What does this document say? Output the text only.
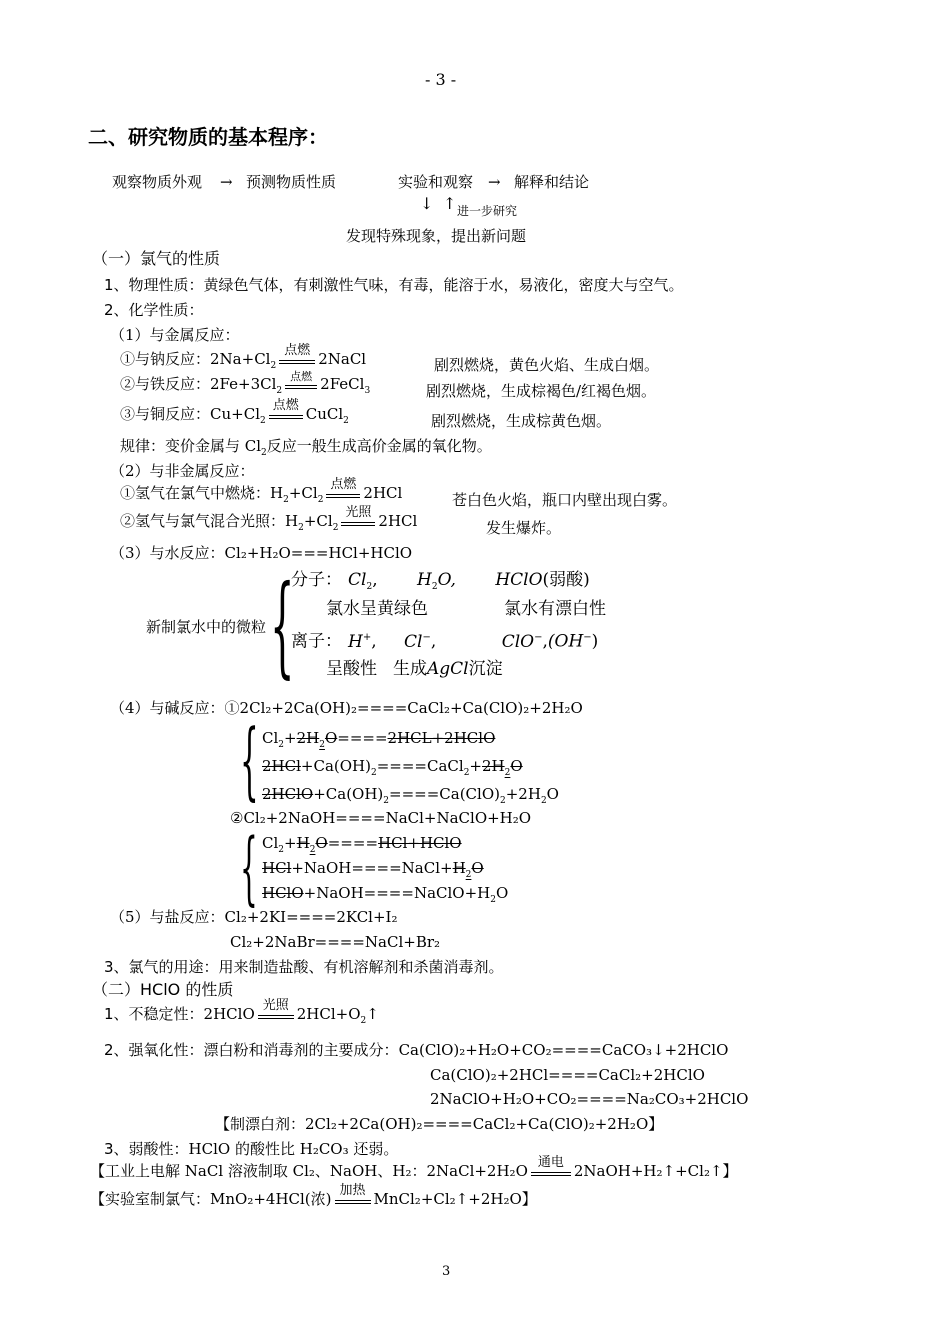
- 3 -
二、研究物质的基本程序：
观察物质外观 → 预测物质性质	实验和观察 → 解释和结论
↓ ↑ 进一步研究
发现特殊现象，提出新问题
（一）氯气的性质
1、物理性质：黄绿色气体，有刺激性气味，有毒，能溶于水，易液化，密度大与空气。
2、化学性质：
（1）与金属反应：
①与钠反应：$2Na+Cl_2$
点燃 2NaCl	剧烈燃烧，黄色火焰、生成白烟。
②与铁反应：$2Fe+3Cl_2$
点燃 2FeCl$_3$	剧烈燃烧，生成棕褐色/红褐色烟。
③与铜反应：$Cu+Cl_2$
点燃 CuCl$_2$	剧烈燃烧，生成棕黄色烟。
规律：变价金属与 $Cl_2$反应一般生成高价金属的氧化物。
（2）与非金属反应：
①氢气在氯气中燃烧：$H_2+Cl_2$
点燃 2HCl	苍白色火焰，瓶口内壁出现白雾。
②氢气与氯气混合光照：$H_2+Cl_2$
光照 2HCl	发生爆炸。
（3）与水反应：Cl₂+H₂O===HCl+HClO
新制氯水中的微粒 {
分子： $Cl_2$, $H_2O$, HClO(弱酸)
氯水呈黄绿色	氯水有漂白性
离子： H+, Cl−,	ClO−,(OH−)
呈酸性 生成AgCl沉淀
（4）与碱反应：①2Cl₂+2Ca(OH)₂====CaCl₂+Ca(ClO)₂+2H₂O
{ $Cl_2+2H_2O====2HCL+2HClO$
$2HCl+Ca(OH)_2====CaCl_2+2H_2O$
$2HClO+Ca(OH)_2====Ca(ClO)_2+2H_2O$
②Cl₂+2NaOH====NaCl+NaClO+H₂O
{ $Cl_2+H_2O====HCl+HClO$
$HCl+NaOH====NaCl+H_2O$
$HClO+NaOH====NaClO+H_2O$
（5）与盐反应：Cl₂+2KI====2KCl+I₂
Cl₂+2NaBr====NaCl+Br₂
3、氯气的用途：用来制造盐酸、有机溶解剂和杀菌消毒剂。
（二）HClO 的性质
1、不稳定性：2HClO 光照 $2HCl+O_2↑$
2、强氧化性：漂白粉和消毒剂的主要成分：Ca(ClO)₂+H₂O+CO₂====CaCO₃↓+2HClO
Ca(ClO)₂+2HCl====CaCl₂+2HClO
2NaClO+H₂O+CO₂====Na₂CO₃+2HClO
【制漂白剂：2Cl₂+2Ca(OH)₂====CaCl₂+Ca(ClO)₂+2H₂O】
3、弱酸性：HClO 的酸性比 H₂CO₃ 还弱。
【工业上电解 NaCl 溶液制取 Cl₂、NaOH、H₂：2NaCl+2H₂O 通电 2NaOH+H₂↑+Cl₂↑】
【实验室制氯气：MnO₂+4HCl(浓) 加热 MnCl₂+Cl₂↑+2H₂O】
3
